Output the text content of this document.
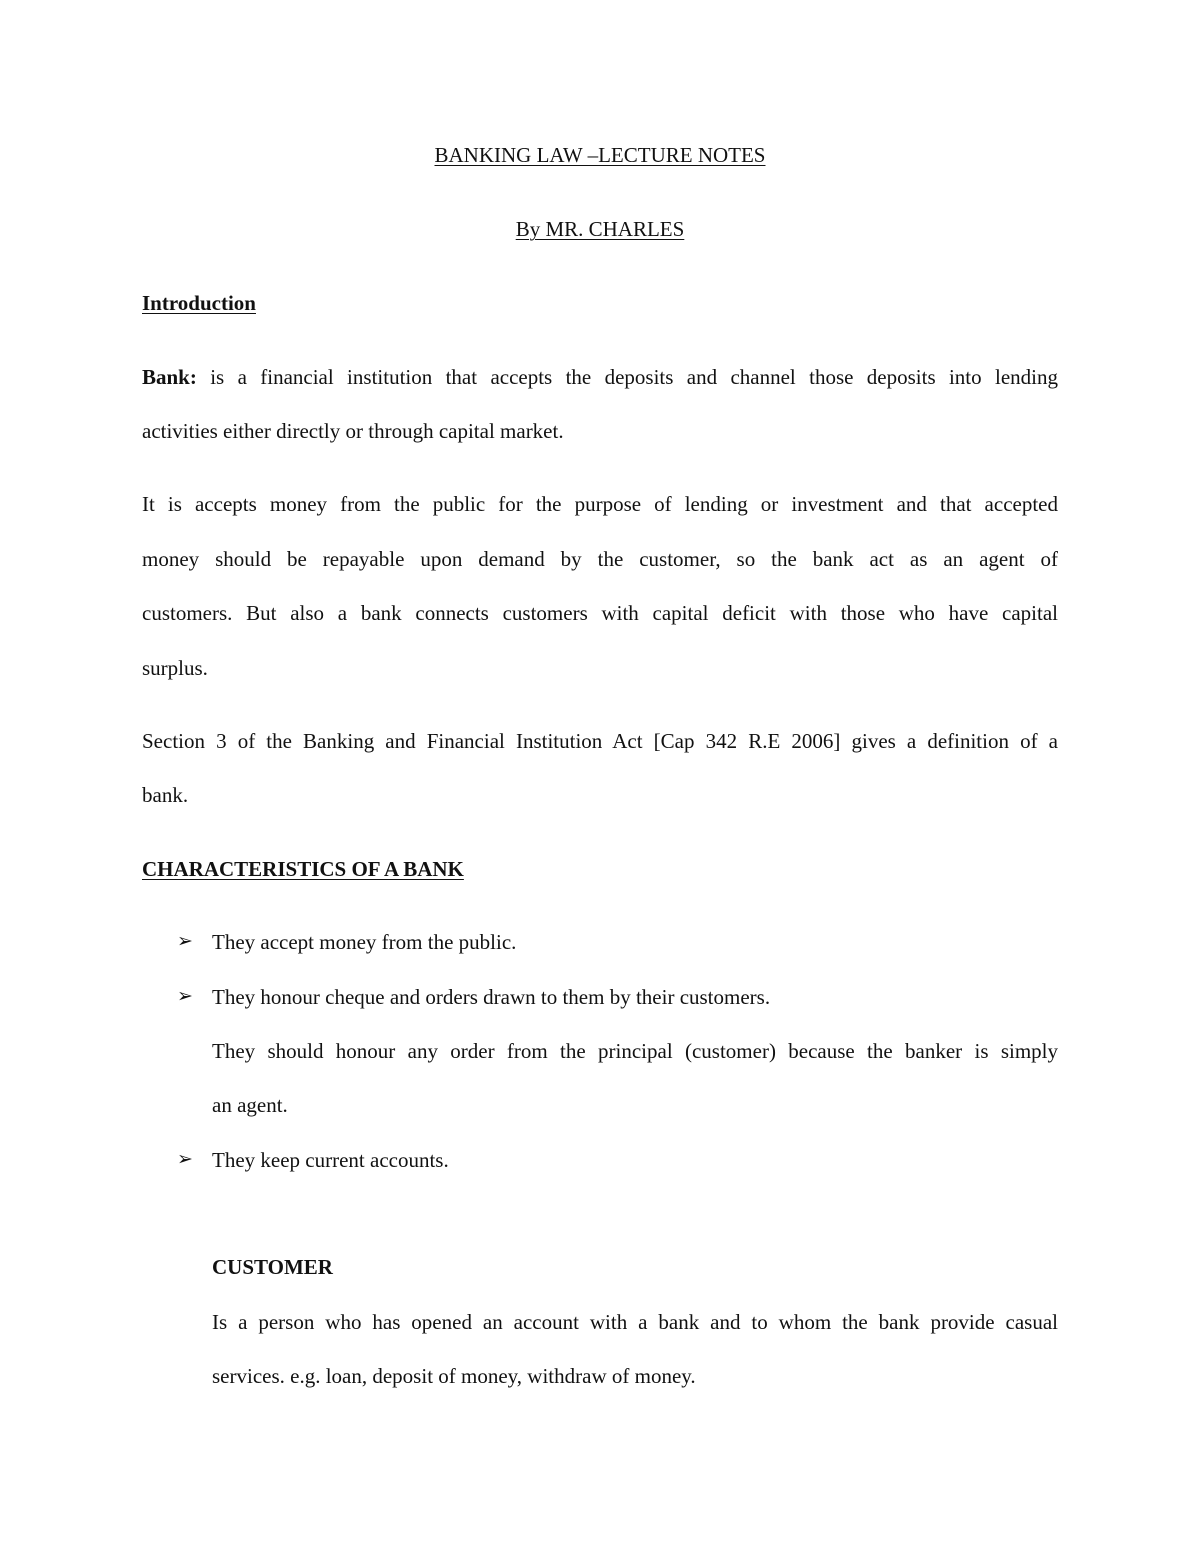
BANKING LAW –LECTURE NOTES
By MR. CHARLES
Introduction
Bank: is a financial institution that accepts the deposits and channel those deposits into lending
activities either directly or through capital market.
It is accepts money from the public for the purpose of lending or investment and that accepted
money should be repayable upon demand by the customer, so the bank act as an agent of
customers. But also a bank connects customers with capital deficit with those who have capital
surplus.
Section 3 of the Banking and Financial Institution Act [Cap 342 R.E 2006] gives a definition of a
bank.
CHARACTERISTICS OF A BANK
➢ They accept money from the public.
➢ They honour cheque and orders drawn to them by their customers.
They should honour any order from the principal (customer) because the banker is simply
an agent.
➢ They keep current accounts.
CUSTOMER
Is a person who has opened an account with a bank and to whom the bank provide casual
services. e.g. loan, deposit of money, withdraw of money.
